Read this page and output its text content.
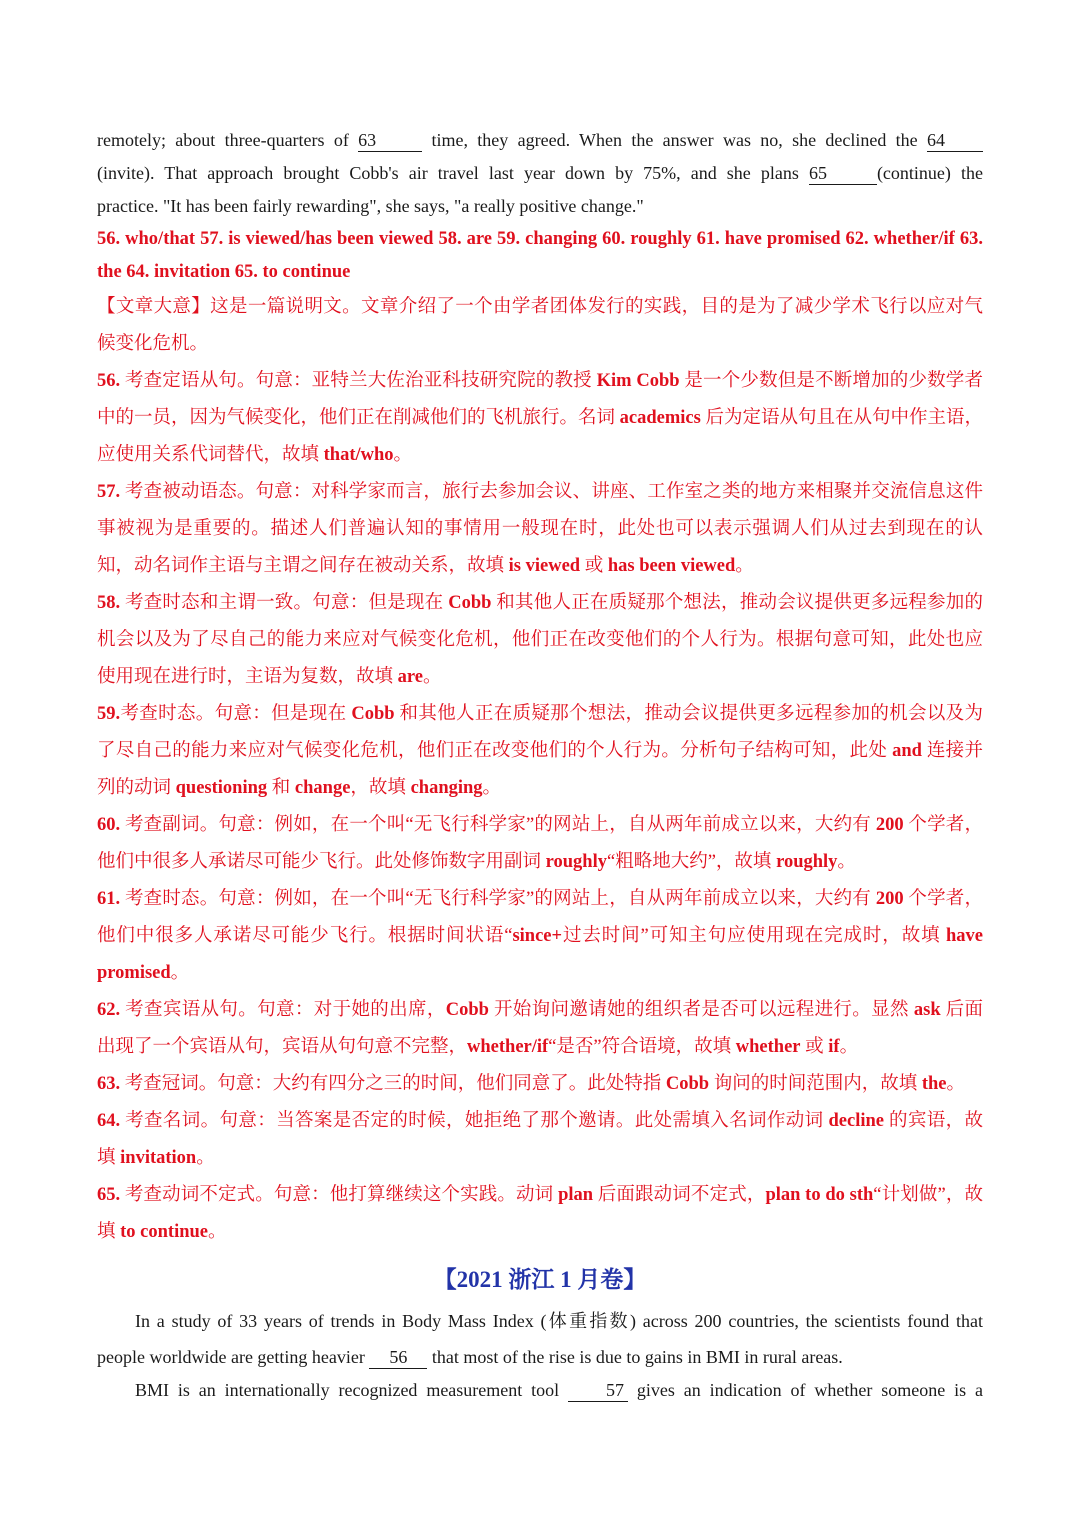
remotely; about three-quarters of 63	time, they agreed. When the answer was no, she declined the 64

(invite). That approach brought Cobb's air travel last year down by 75%, and she plans 65	(continue) the

practice. "It has been fairly rewarding", she says, "a really positive change."

56. who/that 57. is viewed/has been viewed 58. are 59. changing 60. roughly 61. have promised 62. whether/if 63. the 64. invitation 65. to continue

【文章大意】这是一篇说明文。文章介绍了一个由学者团体发行的实践，目的是为了减少学术飞行以应对气候变化危机。

56. 考查定语从句。句意：亚特兰大佐治亚科技研究院的教授 Kim Cobb 是一个少数但是不断增加的少数学者中的一员，因为气候变化，他们正在削减他们的飞机旅行。名词 academics 后为定语从句且在从句中作主语，应使用关系代词替代，故填 that/who。

57. 考查被动语态。句意：对科学家而言，旅行去参加会议、讲座、工作室之类的地方来相聚并交流信息这件事被视为是重要的。描述人们普遍认知的事情用一般现在时，此处也可以表示强调人们从过去到现在的认知，动名词作主语与主谓之间存在被动关系，故填 is viewed 或 has been viewed。

58. 考查时态和主谓一致。句意：但是现在 Cobb 和其他人正在质疑那个想法，推动会议提供更多远程参加的机会以及为了尽自己的能力来应对气候变化危机，他们正在改变他们的个人行为。根据句意可知，此处也应使用现在进行时，主语为复数，故填 are。

59.考查时态。句意：但是现在 Cobb 和其他人正在质疑那个想法，推动会议提供更多远程参加的机会以及为了尽自己的能力来应对气候变化危机，他们正在改变他们的个人行为。分析句子结构可知，此处 and 连接并列的动词 questioning 和 change，故填 changing。

60. 考查副词。句意：例如，在一个叫“无飞行科学家”的网站上，自从两年前成立以来，大约有 200 个学者，他们中很多人承诺尽可能少飞行。此处修饰数字用副词 roughly“粗略地大约”，故填 roughly。

61. 考查时态。句意：例如，在一个叫“无飞行科学家”的网站上，自从两年前成立以来，大约有 200 个学者，他们中很多人承诺尽可能少飞行。根据时间状语“since+过去时间”可知主句应使用现在完成时，故填 have promised。

62. 考查宾语从句。句意：对于她的出席，Cobb 开始询问邀请她的组织者是否可以远程进行。显然 ask 后面出现了一个宾语从句，宾语从句句意不完整，whether/if“是否”符合语境，故填 whether 或 if。

63. 考查冠词。句意：大约有四分之三的时间，他们同意了。此处特指 Cobb 询问的时间范围内，故填 the。

64. 考查名词。句意：当答案是否定的时候，她拒绝了那个邀请。此处需填入名词作动词 decline 的宾语，故填 invitation。

65. 考查动词不定式。句意：他打算继续这个实践。动词 plan 后面跟动词不定式，plan to do sth“计划做”，故填 to continue。

【2021 浙江 1 月卷】

In a study of 33 years of trends in Body Mass Index (体重指数) across 200 countries, the scientists found that

people worldwide are getting heavier 56 that most of the rise is due to gains in BMI in rural areas.

BMI is an internationally recognized measurement tool 57 gives an indication of whether someone is a
